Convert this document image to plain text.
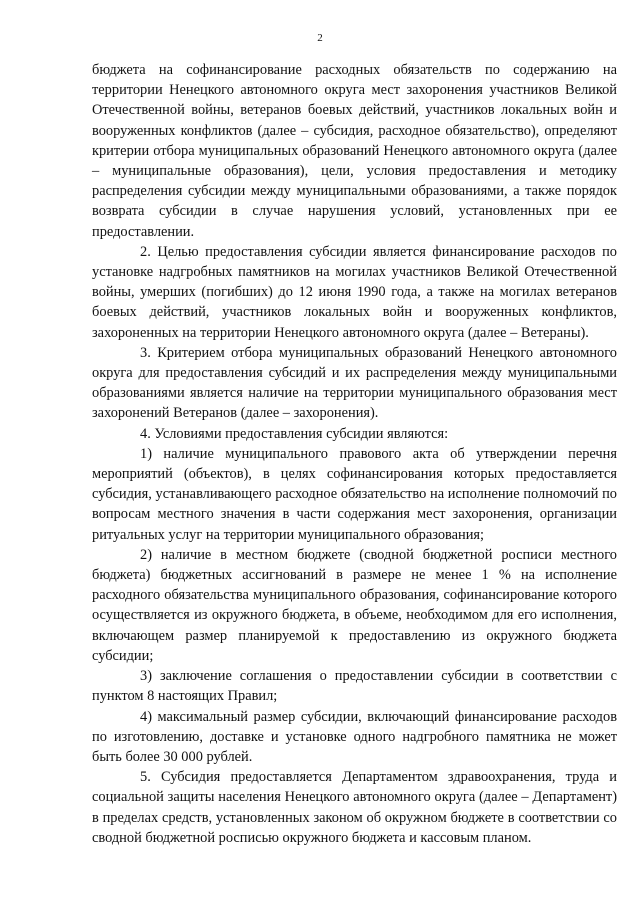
2

бюджета на софинансирование расходных обязательств по содержанию на территории Ненецкого автономного округа мест захоронения участников Великой Отечественной войны, ветеранов боевых действий, участников локальных войн и вооруженных конфликтов (далее – субсидия, расходное обязательство), определяют критерии отбора муниципальных образований Ненецкого автономного округа (далее – муниципальные образования), цели, условия предоставления и методику распределения субсидии между муниципальными образованиями, а также порядок возврата субсидии в случае нарушения условий, установленных при ее предоставлении.

2. Целью предоставления субсидии является финансирование расходов по установке надгробных памятников на могилах участников Великой Отечественной войны, умерших (погибших) до 12 июня 1990 года, а также на могилах ветеранов боевых действий, участников локальных войн и вооруженных конфликтов, захороненных на территории Ненецкого автономного округа (далее – Ветераны).

3. Критерием отбора муниципальных образований Ненецкого автономного округа для предоставления субсидий и их распределения между муниципальными образованиями является наличие на территории муниципального образования мест захоронений Ветеранов (далее – захоронения).

4. Условиями предоставления субсидии являются:

1) наличие муниципального правового акта об утверждении перечня мероприятий (объектов), в целях софинансирования которых предоставляется субсидия, устанавливающего расходное обязательство на исполнение полномочий по вопросам местного значения в части содержания мест захоронения, организации ритуальных услуг на территории муниципального образования;

2) наличие в местном бюджете (сводной бюджетной росписи местного бюджета) бюджетных ассигнований в размере не менее 1 % на исполнение расходного обязательства муниципального образования, софинансирование которого осуществляется из окружного бюджета, в объеме, необходимом для его исполнения, включающем размер планируемой к предоставлению из окружного бюджета субсидии;

3) заключение соглашения о предоставлении субсидии в соответствии с пунктом 8 настоящих Правил;

4) максимальный размер субсидии, включающий финансирование расходов по изготовлению, доставке и установке одного надгробного памятника не может быть более 30 000 рублей.

5. Субсидия предоставляется Департаментом здравоохранения, труда и социальной защиты населения Ненецкого автономного округа (далее – Департамент) в пределах средств, установленных законом об окружном бюджете в соответствии со сводной бюджетной росписью окружного бюджета и кассовым планом.
